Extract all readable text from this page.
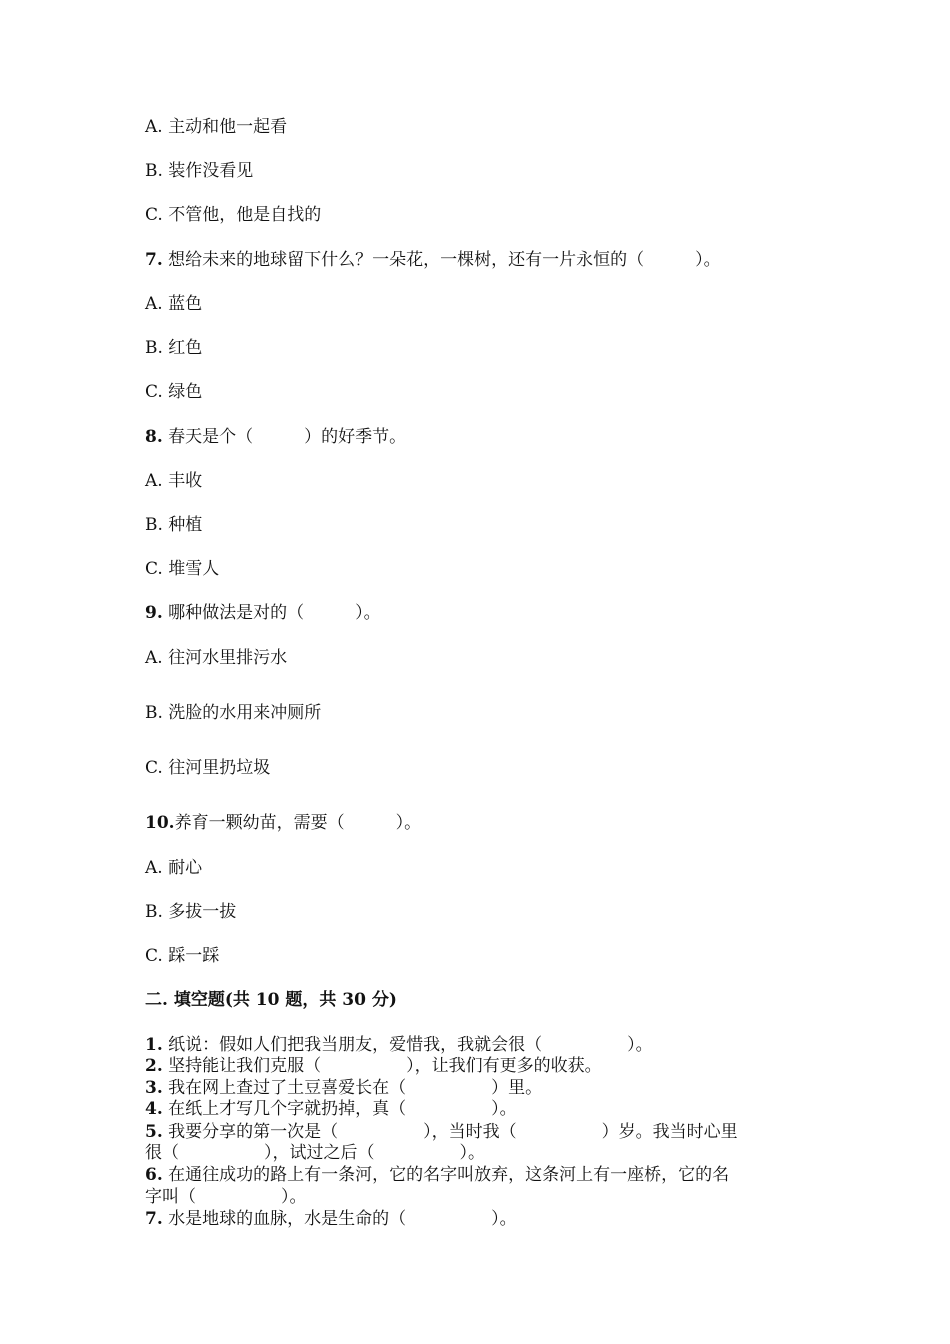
A. 主动和他一起看
B. 装作没看见
C. 不管他，他是自找的
7. 想给未来的地球留下什么？一朵花，一棵树，还有一片永恒的（　　　）。
A. 蓝色
B. 红色
C. 绿色
8. 春天是个（　　　）的好季节。
A. 丰收
B. 种植
C. 堆雪人
9. 哪种做法是对的（　　　）。
A. 往河水里排污水
B. 洗脸的水用来冲厕所
C. 往河里扔垃圾
10.养育一颗幼苗，需要（　　　）。
A. 耐心
B. 多拔一拔
C. 踩一踩
二. 填空题(共 10 题，共 30 分)
1. 纸说：假如人们把我当朋友，爱惜我，我就会很（　　　　　）。
2. 坚持能让我们克服（　　　　　），让我们有更多的收获。
3. 我在网上查过了土豆喜爱长在（　　　　　）里。
4. 在纸上才写几个字就扔掉，真（　　　　　）。
5. 我要分享的第一次是（　　　　　），当时我（　　　　　）岁。我当时心里
很（　　　　　），试过之后（　　　　　）。
6. 在通往成功的路上有一条河，它的名字叫放弃，这条河上有一座桥，它的名
字叫（　　　　　）。
7. 水是地球的血脉，水是生命的（　　　　　）。
